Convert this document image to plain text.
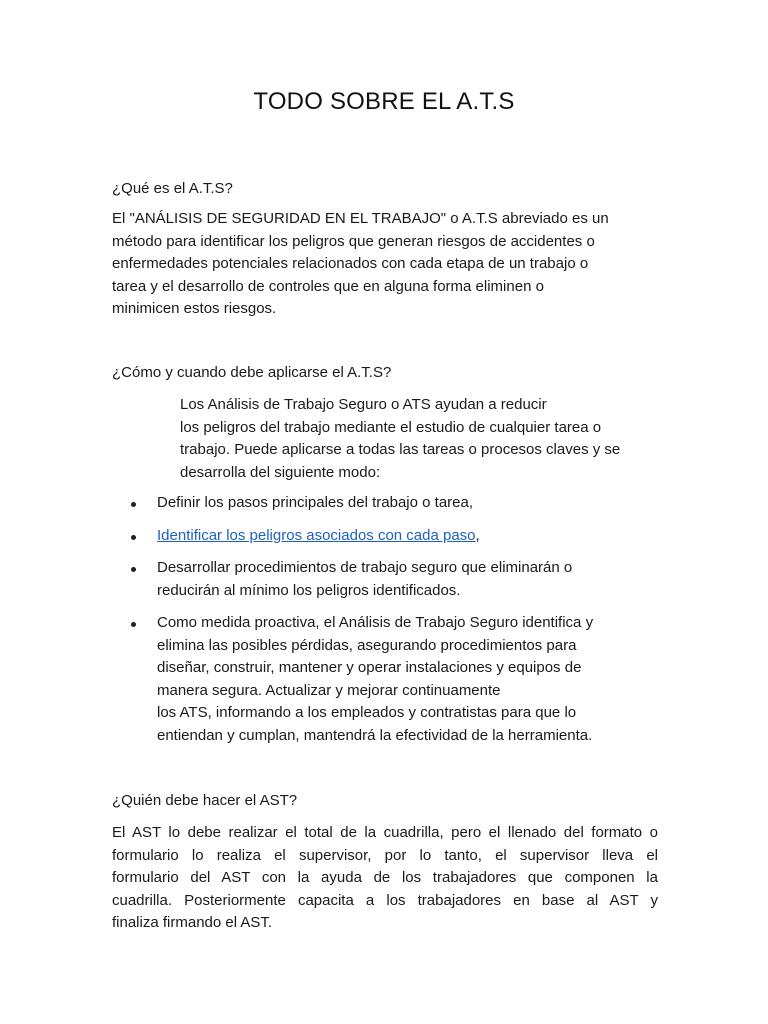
TODO SOBRE EL A.T.S
¿Qué es el A.T.S?

El "ANÁLISIS DE SEGURIDAD EN EL TRABAJO" o A.T.S abreviado es un
método para identificar los peligros que generan riesgos de accidentes o
enfermedades potenciales relacionados con cada etapa de un trabajo o
tarea y el desarrollo de controles que en alguna forma eliminen o
minimicen estos riesgos.

¿Cómo y cuando debe aplicarse el A.T.S?

Los Análisis de Trabajo Seguro o ATS ayudan a reducir
los peligros del trabajo mediante el estudio de cualquier tarea o
trabajo. Puede aplicarse a todas las tareas o procesos claves y se
desarrolla del siguiente modo:

Definir los pasos principales del trabajo o tarea,
Identificar los peligros asociados con cada paso,
Desarrollar procedimientos de trabajo seguro que eliminarán o
reducirán al mínimo los peligros identificados.
Como medida proactiva, el Análisis de Trabajo Seguro identifica y
elimina las posibles pérdidas, asegurando procedimientos para
diseñar, construir, mantener y operar instalaciones y equipos de
manera segura. Actualizar y mejorar continuamente
los ATS, informando a los empleados y contratistas para que lo
entiendan y cumplan, mantendrá la efectividad de la herramienta.
¿Quién debe hacer el AST?

El AST lo debe realizar el total de la cuadrilla, pero el llenado del formato o
formulario lo realiza el supervisor, por lo tanto, el supervisor lleva el
formulario del AST con la ayuda de los trabajadores que componen la
cuadrilla. Posteriormente capacita a los trabajadores en base al AST y
finaliza firmando el AST.
